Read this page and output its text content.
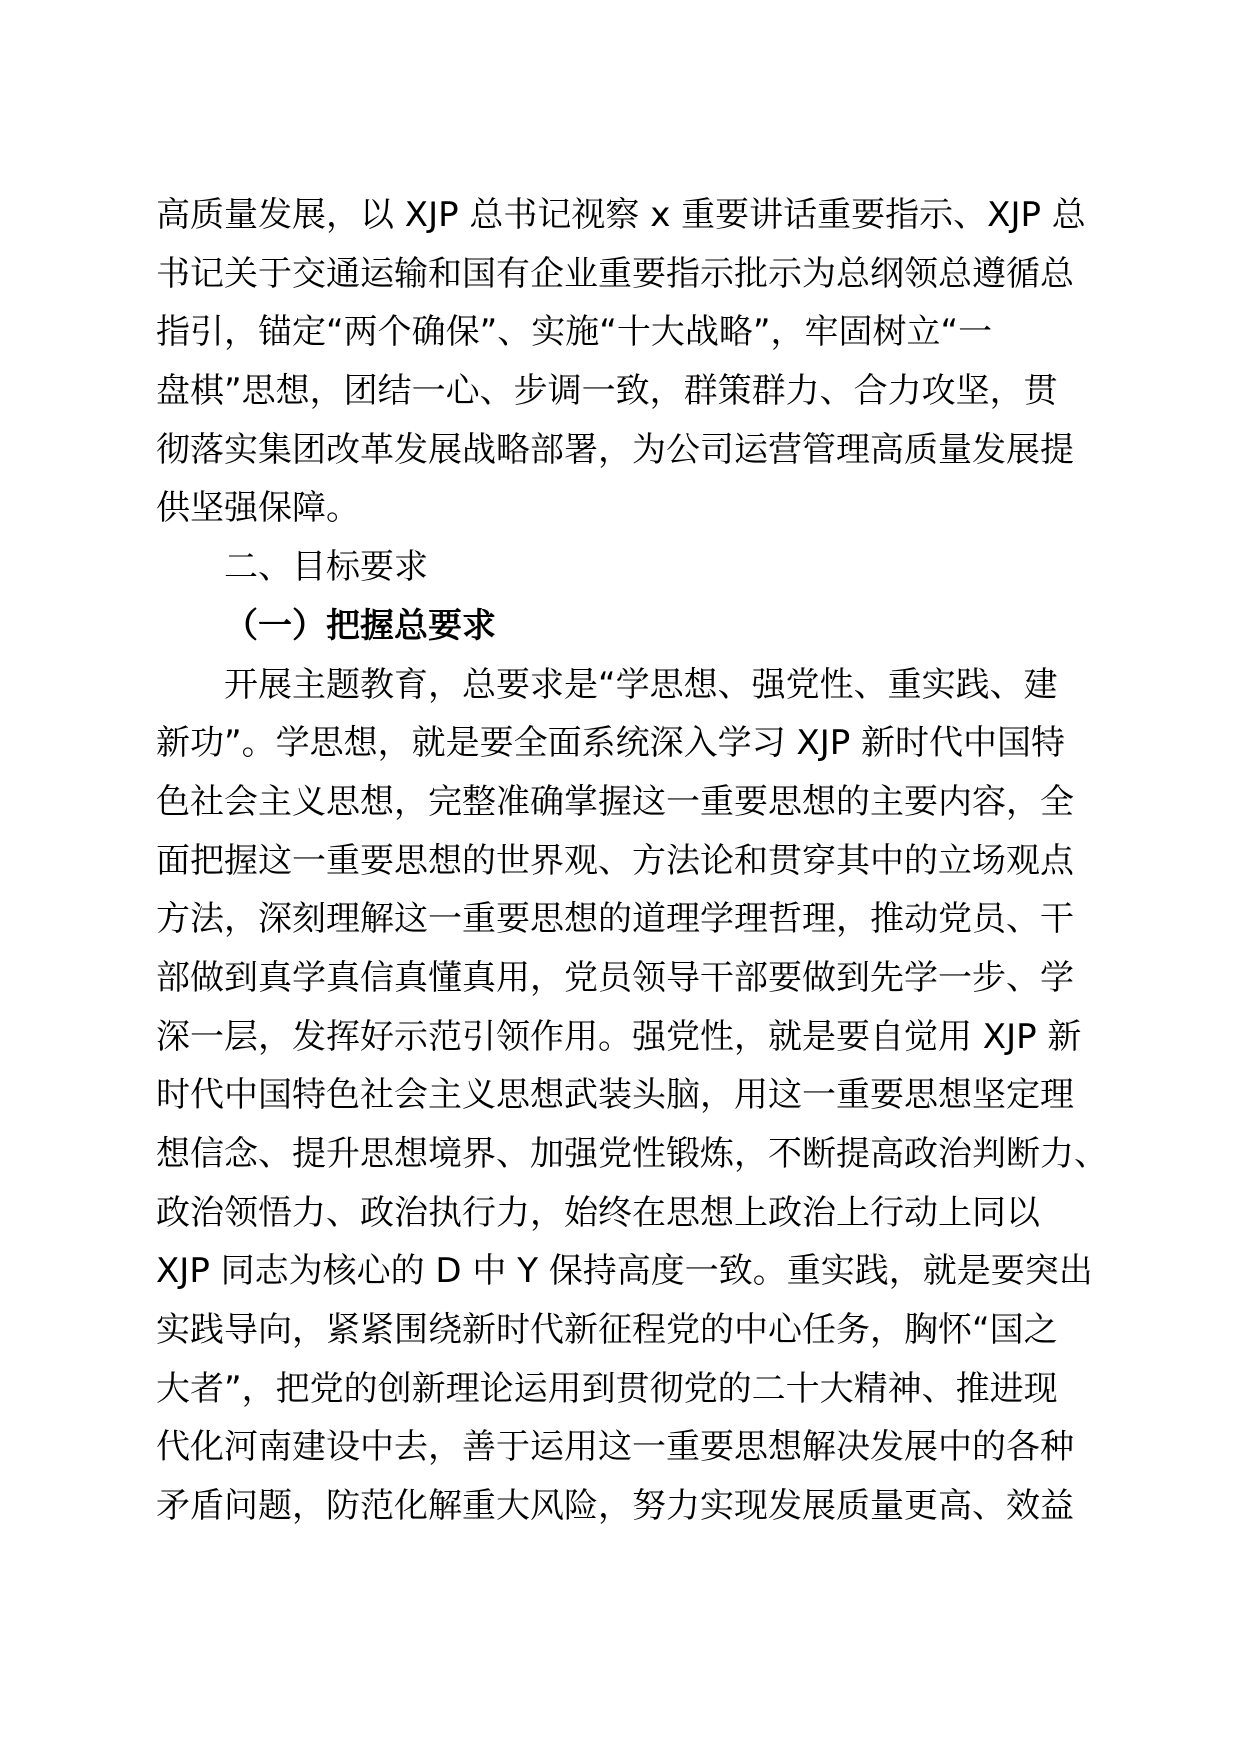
高质量发展，以 XJP 总书记视察 x 重要讲话重要指示、XJP 总
书记关于交通运输和国有企业重要指示批示为总纲领总遵循总
指引，锚定“两个确保”、实施“十大战略”，牢固树立“一
盘棋”思想，团结一心、步调一致，群策群力、合力攻坚，贯
彻落实集团改革发展战略部署，为公司运营管理高质量发展提
供坚强保障。
二、目标要求
（一）把握总要求
开展主题教育，总要求是“学思想、强党性、重实践、建
新功”。学思想，就是要全面系统深入学习 XJP 新时代中国特
色社会主义思想，完整准确掌握这一重要思想的主要内容，全
面把握这一重要思想的世界观、方法论和贯穿其中的立场观点
方法，深刻理解这一重要思想的道理学理哲理，推动党员、干
部做到真学真信真懂真用，党员领导干部要做到先学一步、学
深一层，发挥好示范引领作用。强党性，就是要自觉用 XJP 新
时代中国特色社会主义思想武装头脑，用这一重要思想坚定理
想信念、提升思想境界、加强党性锻炼，不断提高政治判断力、
政治领悟力、政治执行力，始终在思想上政治上行动上同以
XJP 同志为核心的 D 中 Y 保持高度一致。重实践，就是要突出
实践导向，紧紧围绕新时代新征程党的中心任务，胸怀“国之
大者”，把党的创新理论运用到贯彻党的二十大精神、推进现
代化河南建设中去，善于运用这一重要思想解决发展中的各种
矛盾问题，防范化解重大风险，努力实现发展质量更高、效益
